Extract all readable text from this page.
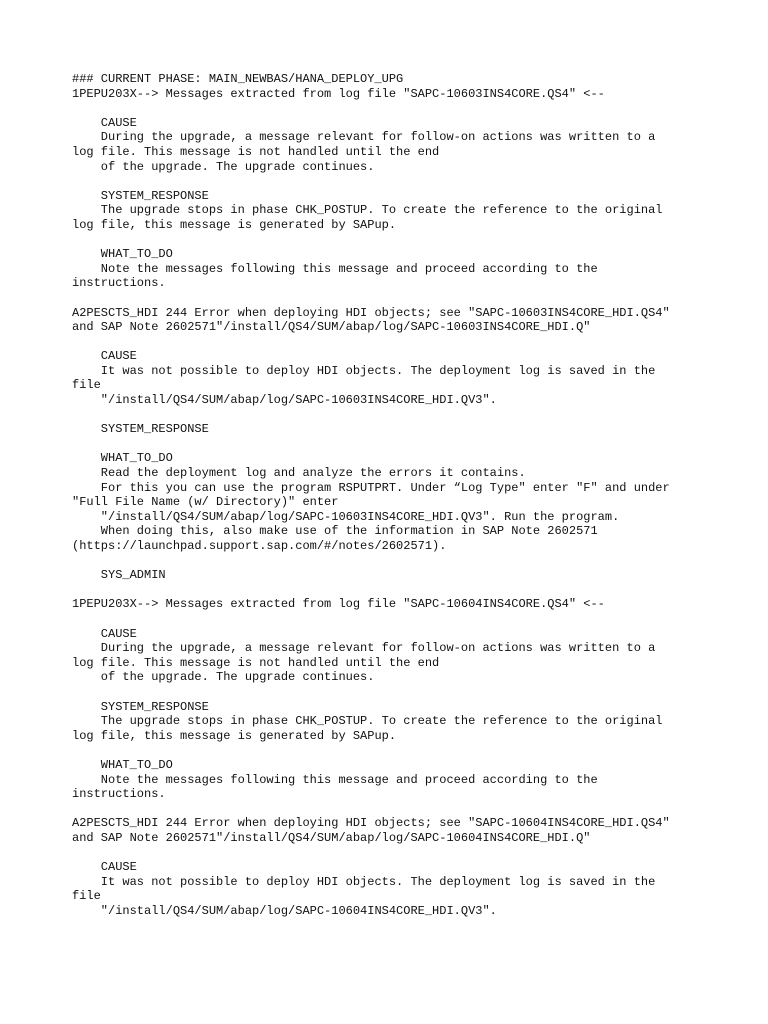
### CURRENT PHASE: MAIN_NEWBAS/HANA_DEPLOY_UPG
1PEPU203X--> Messages extracted from log file "SAPC-10603INS4CORE.QS4" <--
CAUSE
During the upgrade, a message relevant for follow-on actions was written to a
log file. This message is not handled until the end
of the upgrade. The upgrade continues.
SYSTEM_RESPONSE
The upgrade stops in phase CHK_POSTUP. To create the reference to the original
log file, this message is generated by SAPup.
WHAT_TO_DO
Note the messages following this message and proceed according to the
instructions.
A2PESCTS_HDI 244 Error when deploying HDI objects; see "SAPC-10603INS4CORE_HDI.QS4"
and SAP Note 2602571"/install/QS4/SUM/abap/log/SAPC-10603INS4CORE_HDI.Q"
CAUSE
It was not possible to deploy HDI objects. The deployment log is saved in the
file
"/install/QS4/SUM/abap/log/SAPC-10603INS4CORE_HDI.QV3".
SYSTEM_RESPONSE
WHAT_TO_DO
Read the deployment log and analyze the errors it contains.
For this you can use the program RSPUTPRT. Under “Log Type" enter "F" and under
"Full File Name (w/ Directory)" enter
"/install/QS4/SUM/abap/log/SAPC-10603INS4CORE_HDI.QV3". Run the program.
When doing this, also make use of the information in SAP Note 2602571
(https://launchpad.support.sap.com/#/notes/2602571).
SYS_ADMIN
1PEPU203X--> Messages extracted from log file "SAPC-10604INS4CORE.QS4" <--
CAUSE
During the upgrade, a message relevant for follow-on actions was written to a
log file. This message is not handled until the end
of the upgrade. The upgrade continues.
SYSTEM_RESPONSE
The upgrade stops in phase CHK_POSTUP. To create the reference to the original
log file, this message is generated by SAPup.
WHAT_TO_DO
Note the messages following this message and proceed according to the
instructions.
A2PESCTS_HDI 244 Error when deploying HDI objects; see "SAPC-10604INS4CORE_HDI.QS4"
and SAP Note 2602571"/install/QS4/SUM/abap/log/SAPC-10604INS4CORE_HDI.Q"
CAUSE
It was not possible to deploy HDI objects. The deployment log is saved in the
file
"/install/QS4/SUM/abap/log/SAPC-10604INS4CORE_HDI.QV3".
